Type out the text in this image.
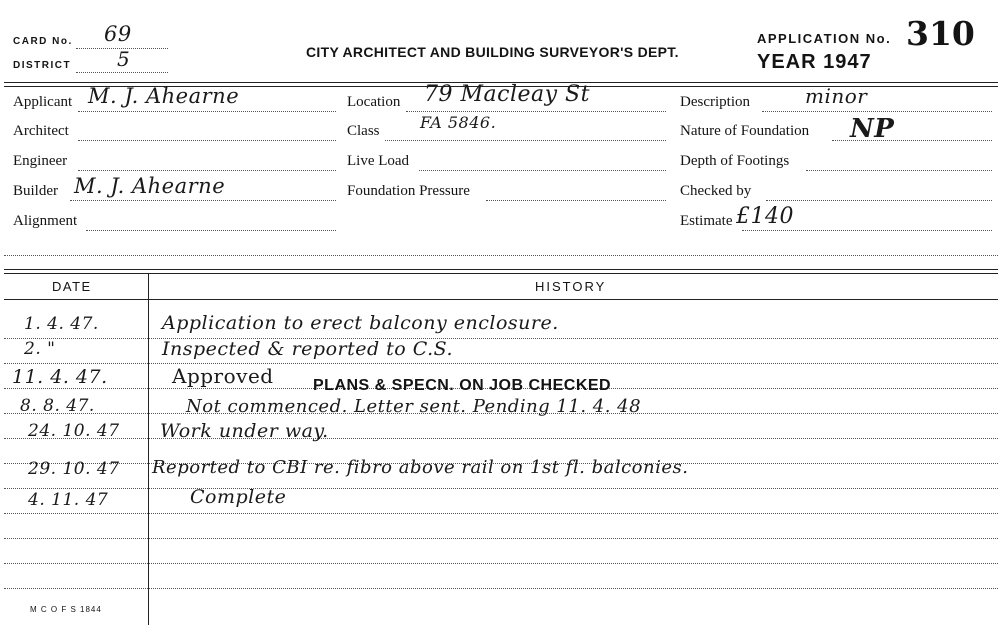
CARD No. 69
DISTRICT 5	CITY ARCHITECT AND BUILDING SURVEYOR'S DEPT.
APPLICATION No. 310
YEAR 1947
Applicant M. J. Ahearne
Architect
Engineer
Builder M. J. Ahearne
Alignment
Location 79 Macleay St
Class	FA 5846.
Live Load
Foundation Pressure
Description	minor
Nature of Foundation NP
Depth of Footings
Checked by
Estimate £140
DATE	HISTORY
1. 4. 47.	Application to erect balcony enclosure.
2. "	Inspected & reported to C.S.
11. 4. 47.	Approved PLANS & SPECN. ON JOB CHECKED
8. 8. 47.	Not commenced. Letter sent. Pending 11. 4. 48
24. 10. 47 Work under way.
29. 10. 47 Reported to CBI re. fibro above rail on 1st fl. balconies.
4. 11. 47	Complete
M C O F S 1844
